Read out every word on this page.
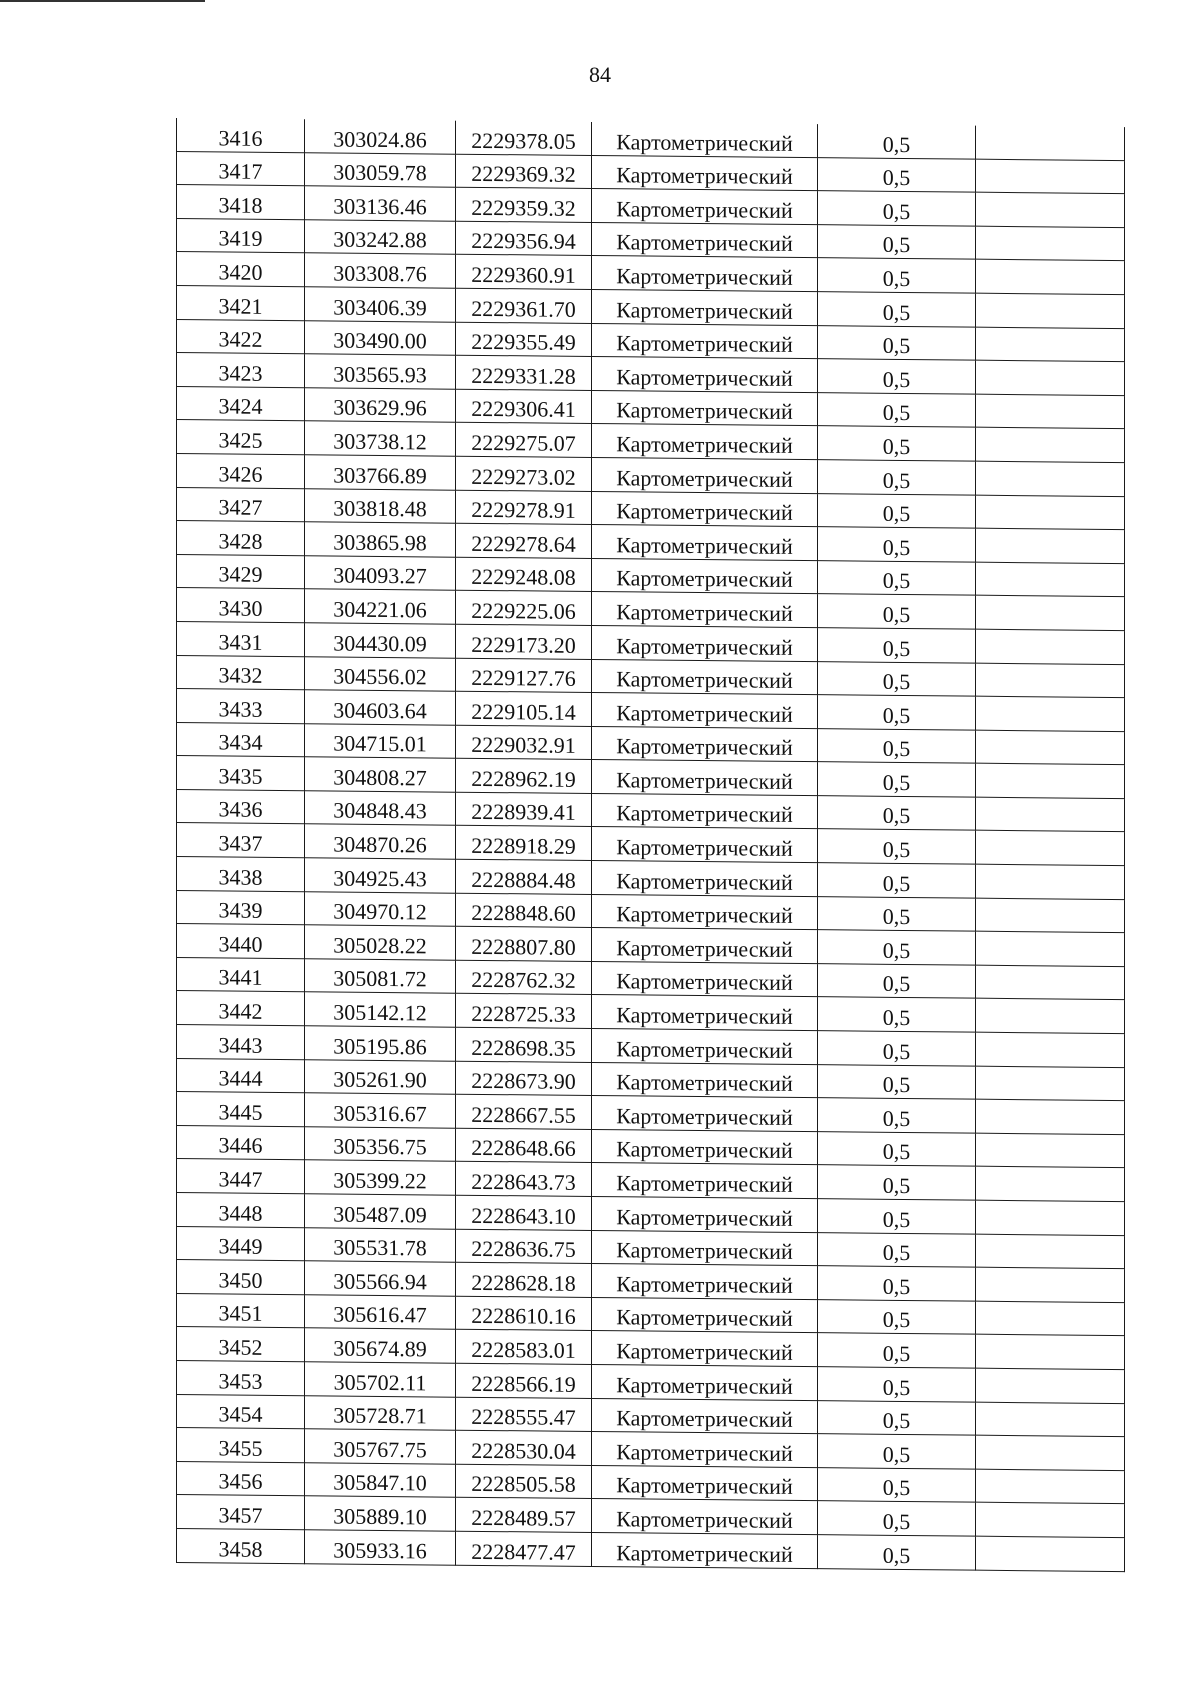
84
3416	303024.86	2229378.05	Картометрический	0,5	
3417	303059.78	2229369.32	Картометрический	0,5	
3418	303136.46	2229359.32	Картометрический	0,5	
3419	303242.88	2229356.94	Картометрический	0,5	
3420	303308.76	2229360.91	Картометрический	0,5	
3421	303406.39	2229361.70	Картометрический	0,5	
3422	303490.00	2229355.49	Картометрический	0,5	
3423	303565.93	2229331.28	Картометрический	0,5	
3424	303629.96	2229306.41	Картометрический	0,5	
3425	303738.12	2229275.07	Картометрический	0,5	
3426	303766.89	2229273.02	Картометрический	0,5	
3427	303818.48	2229278.91	Картометрический	0,5	
3428	303865.98	2229278.64	Картометрический	0,5	
3429	304093.27	2229248.08	Картометрический	0,5	
3430	304221.06	2229225.06	Картометрический	0,5	
3431	304430.09	2229173.20	Картометрический	0,5	
3432	304556.02	2229127.76	Картометрический	0,5	
3433	304603.64	2229105.14	Картометрический	0,5	
3434	304715.01	2229032.91	Картометрический	0,5	
3435	304808.27	2228962.19	Картометрический	0,5	
3436	304848.43	2228939.41	Картометрический	0,5	
3437	304870.26	2228918.29	Картометрический	0,5	
3438	304925.43	2228884.48	Картометрический	0,5	
3439	304970.12	2228848.60	Картометрический	0,5	
3440	305028.22	2228807.80	Картометрический	0,5	
3441	305081.72	2228762.32	Картометрический	0,5	
3442	305142.12	2228725.33	Картометрический	0,5	
3443	305195.86	2228698.35	Картометрический	0,5	
3444	305261.90	2228673.90	Картометрический	0,5	
3445	305316.67	2228667.55	Картометрический	0,5	
3446	305356.75	2228648.66	Картометрический	0,5	
3447	305399.22	2228643.73	Картометрический	0,5	
3448	305487.09	2228643.10	Картометрический	0,5	
3449	305531.78	2228636.75	Картометрический	0,5	
3450	305566.94	2228628.18	Картометрический	0,5	
3451	305616.47	2228610.16	Картометрический	0,5	
3452	305674.89	2228583.01	Картометрический	0,5	
3453	305702.11	2228566.19	Картометрический	0,5	
3454	305728.71	2228555.47	Картометрический	0,5	
3455	305767.75	2228530.04	Картометрический	0,5	
3456	305847.10	2228505.58	Картометрический	0,5	
3457	305889.10	2228489.57	Картометрический	0,5	
3458	305933.16	2228477.47	Картометрический	0,5	
